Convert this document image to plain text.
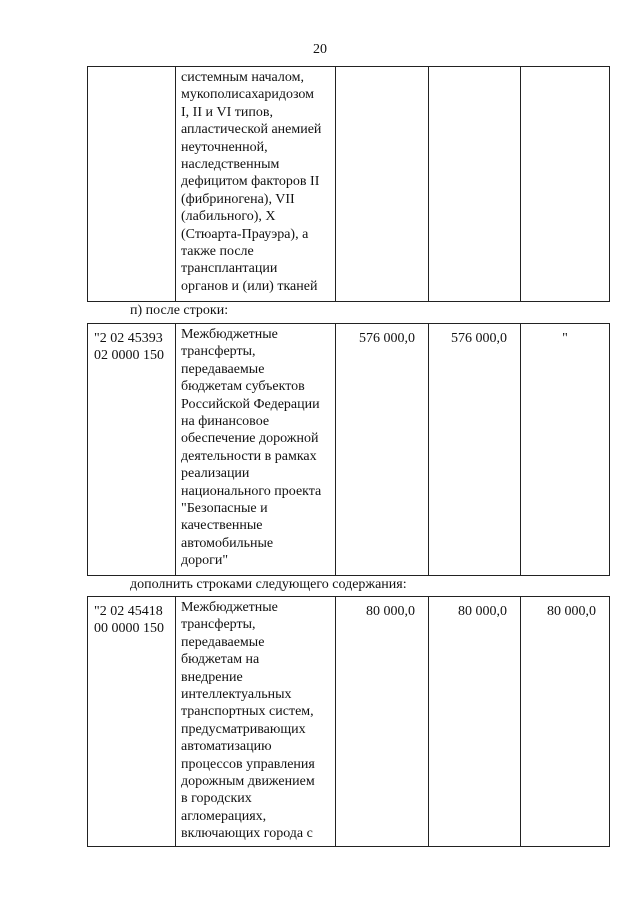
20
	системным началом,
мукополисахаридозом
I, II и VI типов,
апластической анемией
неуточненной,
наследственным
дефицитом факторов II
(фибриногена), VII
(лабильного), X
(Стюарта-Прауэра), а
также после
трансплантации
органов и (или) тканей			
п) после строки:
"2 02 45393
02 0000 150	Межбюджетные
трансферты,
передаваемые
бюджетам субъектов
Российской Федерации
на финансовое
обеспечение дорожной
деятельности в рамках
реализации
национального проекта
"Безопасные и
качественные
автомобильные
дороги"	576 000,0	576 000,0	"
дополнить строками следующего содержания:
"2 02 45418
00 0000 150	Межбюджетные
трансферты,
передаваемые
бюджетам на
внедрение
интеллектуальных
транспортных систем,
предусматривающих
автоматизацию
процессов управления
дорожным движением
в городских
агломерациях,
включающих города с	80 000,0	80 000,0	80 000,0
